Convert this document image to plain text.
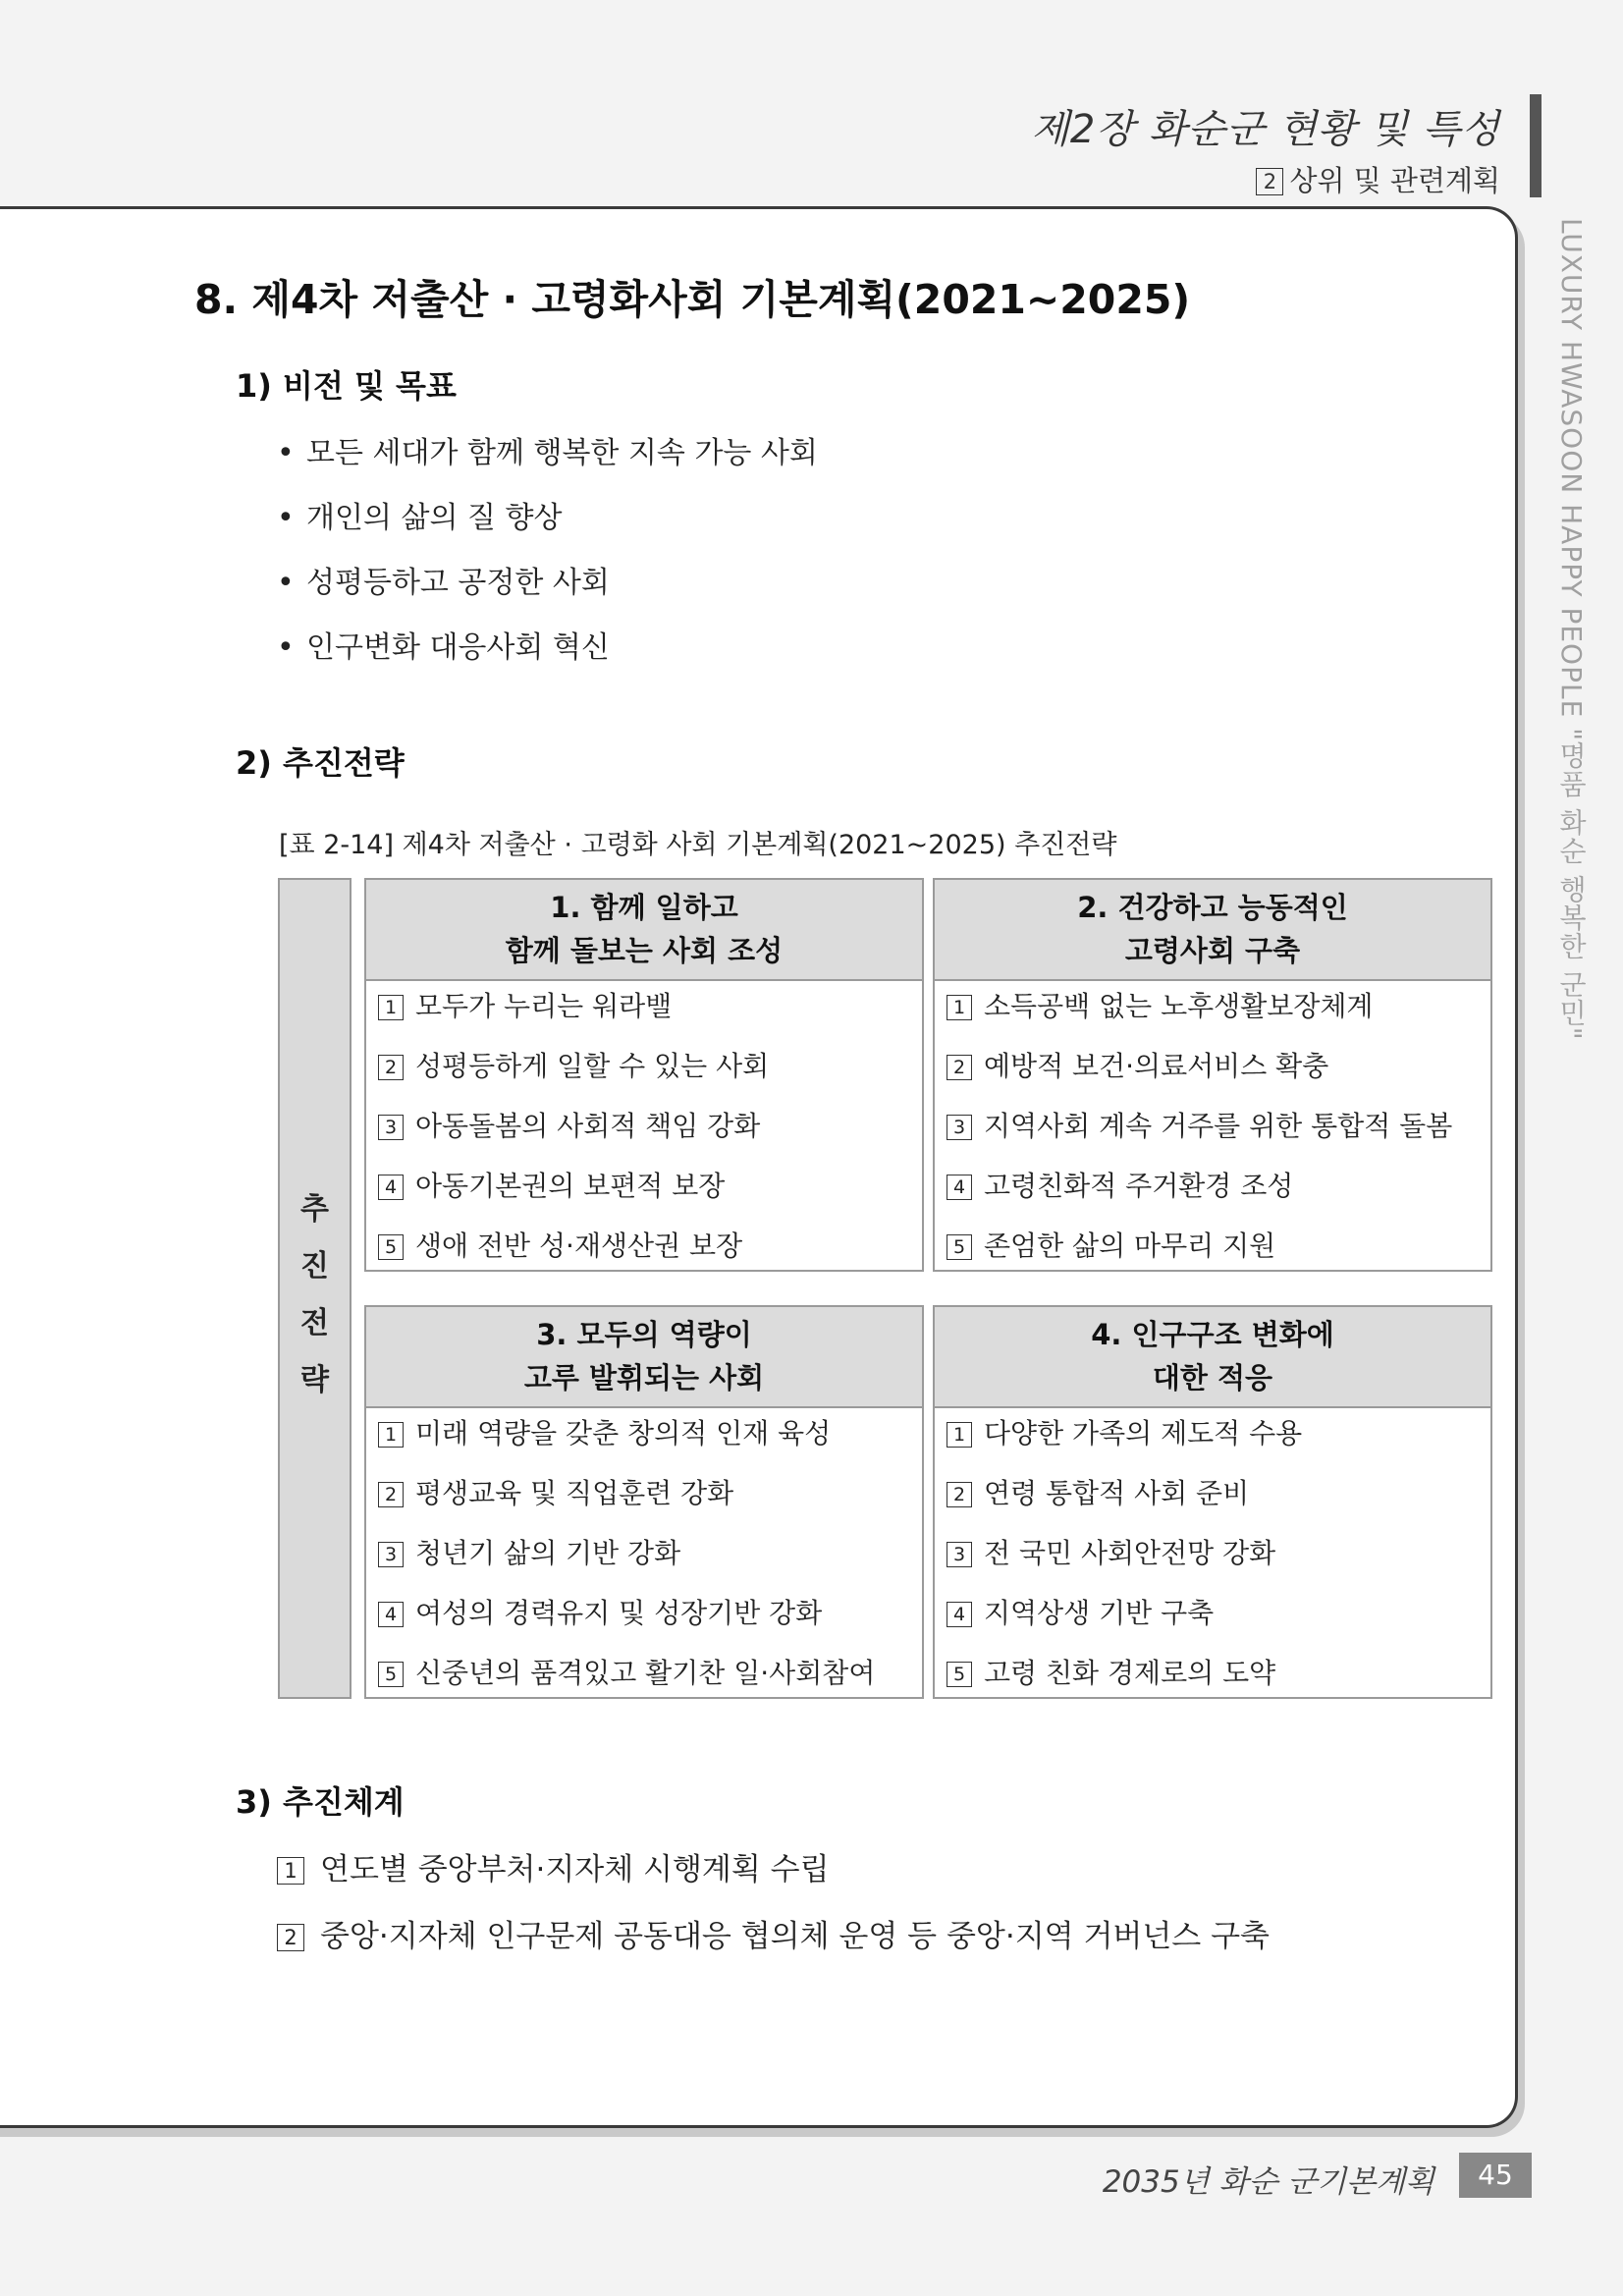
제2장 화순군 현황 및 특성
2 상위 및 관련계획
LUXURY HWASOON HAPPY PEOPLE "명품 화순 행복한 군민"
8. 제4차 저출산 · 고령화사회 기본계획(2021~2025)
1) 비전 및 목표
• 모든 세대가 함께 행복한 지속 가능 사회
• 개인의 삶의 질 향상
• 성평등하고 공정한 사회
• 인구변화 대응사회 혁신
2) 추진전략
[표 2-14] 제4차 저출산 · 고령화 사회 기본계획(2021~2025) 추진전략
추
진
전
략
1. 함께 일하고
함께 돌보는 사회 조성
1 모두가 누리는 워라밸
2 성평등하게 일할 수 있는 사회
3 아동돌봄의 사회적 책임 강화
4 아동기본권의 보편적 보장
5 생애 전반 성·재생산권 보장
2. 건강하고 능동적인
고령사회 구축
1 소득공백 없는 노후생활보장체계
2 예방적 보건·의료서비스 확충
3 지역사회 계속 거주를 위한 통합적 돌봄
4 고령친화적 주거환경 조성
5 존엄한 삶의 마무리 지원
3. 모두의 역량이
고루 발휘되는 사회
1 미래 역량을 갖춘 창의적 인재 육성
2 평생교육 및 직업훈련 강화
3 청년기 삶의 기반 강화
4 여성의 경력유지 및 성장기반 강화
5 신중년의 품격있고 활기찬 일·사회참여
4. 인구구조 변화에
대한 적응
1 다양한 가족의 제도적 수용
2 연령 통합적 사회 준비
3 전 국민 사회안전망 강화
4 지역상생 기반 구축
5 고령 친화 경제로의 도약
3) 추진체계
1 연도별 중앙부처·지자체 시행계획 수립
2 중앙·지자체 인구문제 공동대응 협의체 운영 등 중앙·지역 거버넌스 구축
2035년 화순 군기본계획	45
